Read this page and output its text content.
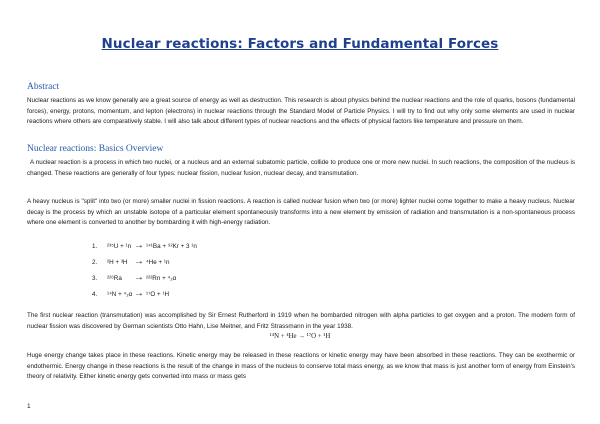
Nuclear reactions: Factors and Fundamental Forces
Abstract
Nuclear reactions as we know generally are a great source of energy as well as destruction. This research is about physics behind the nuclear reactions and the role of quarks, bosons (fundamental forces), energy, protons, momentum, and lepton (electrons) in nuclear reactions through the Standard Model of Particle Physics. I will try to find out why only some elements are used in nuclear reactions where others are comparatively stable. I will also talk about different types of nuclear reactions and the effects of physical factors like temperature and pressure on them.
Nuclear reactions: Basics Overview
A nuclear reaction is a process in which two nuclei, or a nucleus and an external subatomic particle, collide to produce one or more new nuclei. In such reactions, the composition of the nucleus is changed. These reactions are generally of four types: nuclear fission, nuclear fusion, nuclear decay, and transmutation.
A heavy nucleus is "split" into two (or more) smaller nuclei in fission reactions. A reaction is called nuclear fusion when two (or more) lighter nuclei come together to make a heavy nucleus. Nuclear decay is the process by which an unstable isotope of a particular element spontaneously transforms into a new element by emission of radiation and transmutation is a non-spontaneous process where one element is converted to another by bombarding it with high-energy radiation.
1. ²³⁵U + ¹n → ¹⁴¹Ba + ⁹²Kr + 3 ¹n
2. ²H + ³H → ⁴He + ¹n
3. ²²⁶Ra → ²²²Rn + ⁴₂α
4. ¹⁴N + ⁴₂α → ¹⁷O + ¹H
The first nuclear reaction (transmutation) was accomplished by Sir Ernest Rutherford in 1919 when he bombarded nitrogen with alpha particles to get oxygen and a proton. The modern form of nuclear fission was discovered by German scientists Otto Hahn, Lise Meitner, and Fritz Strassmann in the year 1938.
¹⁴N + ⁴He → ¹⁷O + ¹H
Huge energy change takes place in these reactions. Kinetic energy may be released in these reactions or kinetic energy may have been absorbed in these reactions. They can be exothermic or endothermic. Energy change in these reactions is the result of the change in mass of the nucleus to conserve total mass energy, as we know that mass is just another form of energy from Einstein's theory of relativity. Either kinetic energy gets converted into mass or mass gets
1
